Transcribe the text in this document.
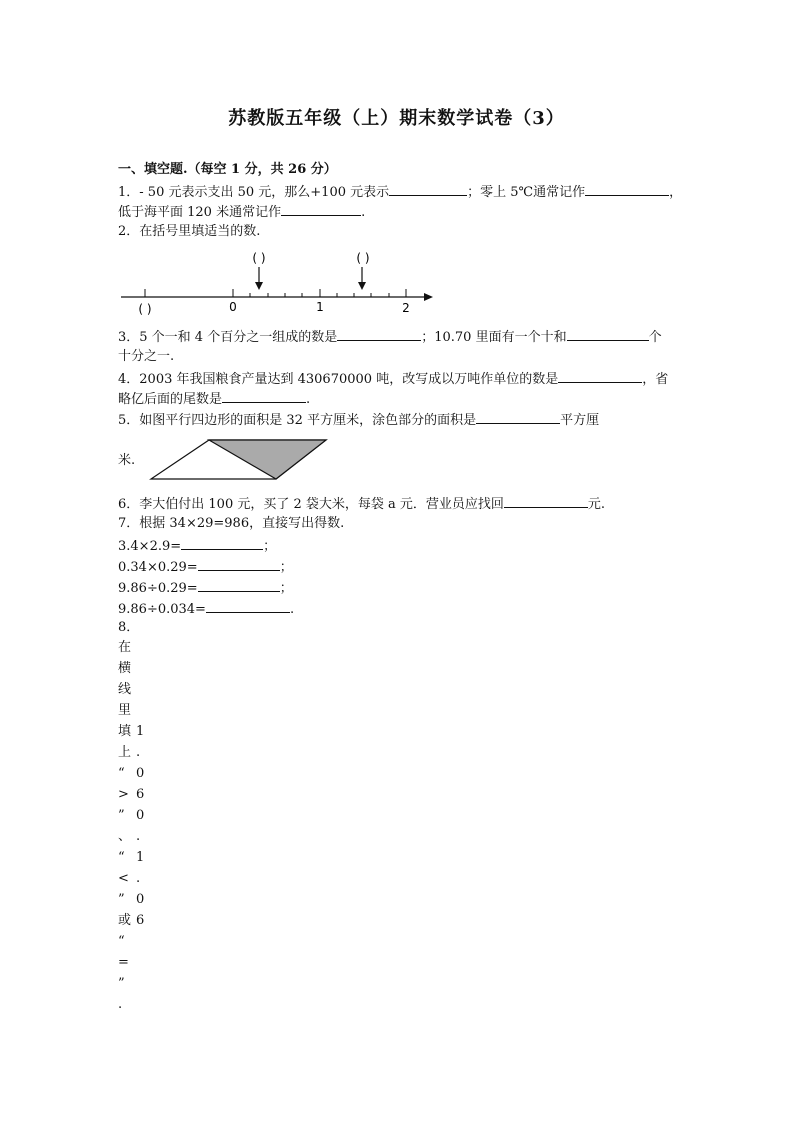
苏教版五年级（上）期末数学试卷（3）
一、填空题.（每空 1 分，共 26 分）
1．- 50 元表示支出 50 元，那么+100 元表示	；零上 5℃通常记作	，
低于海平面 120 米通常记作	.
2．在括号里填适当的数.
( )	( )
( )	0	1	2
3．5 个一和 4 个百分之一组成的数是	；10.70 里面有一个十和	个
十分之一.
4．2003 年我国粮食产量达到 430670000 吨，改写成以万吨作单位的数是	，省
略亿后面的尾数是	.
5．如图平行四边形的面积是 32 平方厘米，涂色部分的面积是	平方厘
米.
6．李大伯付出 100 元，买了 2 袋大米，每袋 a 元．营业员应找回	元.
7．根据 34×29=986，直接写出得数.
3.4×2.9=	；
0.34×0.29=	；
9.86÷0.29=	；
9.86÷0.034=	.
8．
在
横
线
里
填
上
“
>
”
、
“
<
”
或
“
=
”
.
1
.
0
6
0
.
1
.
0
6
